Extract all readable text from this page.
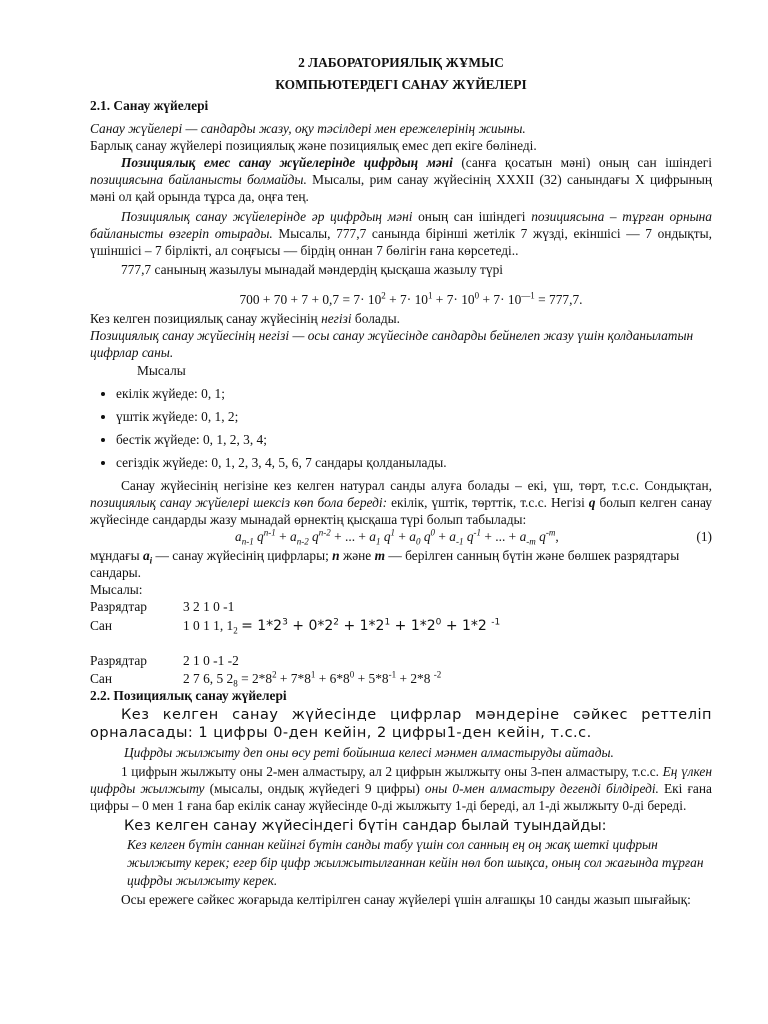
2 ЛАБОРАТОРИЯЛЫҚ ЖҰМЫС

КОМПЬЮТЕРДЕГІ САНАУ ЖҮЙЕЛЕРІ

2.1. Санау жүйелері

Санау жүйелері — сандарды жазу, оқу тәсілдері мен ережелерінің жиыны.

Барлық санау жүйелері позициялық және позициялық емес деп екіге бөлінеді.

Позициялық емес санау жүйелерінде цифрдың мәні (санға қосатын мәні) оның сан ішіндегі позициясына байланысты болмайды. Мысалы, рим санау жүйесінің XXXII (32) санындағы Х цифрының мәні ол қай орында тұрса да, оңға тең.

Позициялық санау жүйелерінде әр цифрдың мәні оның сан ішіндегі позициясына – тұрған орнына байланысты өзгеріп отырады. Мысалы, 777,7 санында бірінші жетілік 7 жүзді, екіншісі — 7 ондықты, үшіншісі – 7 бірлікті, ал соңғысы — бірдің оннан 7 бөлігін ғана көрсетеді..

777,7 санының жазылуы мынадай мәндердің қысқаша жазылу түрі

$700 + 70 + 7 + 0,7 = 7\cdot 10^2 + 7\cdot 10^1 + 7\cdot 10^0 + 7\cdot 10^{—1} = 777,7$.

Кез келген позициялық санау жүйесінің негізі болады.

Позициялық санау жүйесінің негізі — осы санау жүйесінде сандарды бейнелеп жазу үшін қолданылатын цифрлар саны.

Мысалы

• екілік жүйеде: 0, 1;
• үштік жүйеде: 0, 1, 2;
• бестік жүйеде: 0, 1, 2, 3, 4;
• сегіздік жүйеде: 0, 1, 2, 3, 4, 5, 6, 7 сандары қолданылады.

Санау жүйесінің негізіне кез келген натурал санды алуға болады – екі, үш, төрт, т.с.с. Сондықтан, позициялық санау жүйелері шексіз көп бола береді: екілік, үштік, төрттік, т.с.с. Негізі q болып келген санау жүйесінде сандарды жазу мынадай өрнектің қысқаша түрі болып табылады:

$a_{n-1}$ $q^{n-1} + a_{n-2}$ $q^{n-2}$ + ... + $a_1$ $q^1 + a_0$ $q^0 + a_{-1}$ $q^{-1}$ + ... + $a_{-m}$ $q^{-m}$,	(1)

мұндағы $a_i$ — санау жүйесінің цифрлары; n және m — берілген санның бүтін және бөлшек разрядтары сандары.

Мысалы:

Разрядтар	3 2 1 0 -1
Сан	1 0 1 1, $1_2 = 1*2^3 + 0*2^2 + 1*2^1 + 1*2^0 + 1*2$ $^{-1}$
Разрядтар	2 1 0 -1 -2
Сан	2 7 6, 5 $2_8 = 2*8^2 + 7*8^1 + 6*8^0 + 5*8^{-1} + 2*8$ $^{-2}$

2.2. Позициялық санау жүйелері

Кез келген санау жүйесінде цифрлар мәндеріне сәйкес реттеліп орналасады: 1 цифры 0-ден кейін, 2 цифры1-ден кейін, т.с.с.

Цифрды жылжыту деп оны өсу реті бойынша келесі мәнмен алмастыруды айтады.

1 цифрын жылжыту оны 2-мен алмастыру, ал 2 цифрын жылжыту оны 3-пен алмастыру, т.с.с. Ең үлкен цифрды жылжыту (мысалы, ондық жүйедегі 9 цифры) оны 0-мен алмастыру дегенді білдіреді. Екі ғана цифры – 0 мен 1 ғана бар екілік санау жүйесінде 0-ді жылжыту 1-ді береді, ал 1-ді жылжыту 0-ді береді.

Кез келген санау жүйесіндегі бүтін сандар былай туындайды:

Кез келген бүтін саннан кейінгі бүтін санды табу үшін сол санның ең оң жақ шеткі цифрын жылжыту керек; егер бір цифр жылжытылғаннан кейін нөл боп шықса, оның сол жағында тұрған цифрды жылжыту керек.

Осы ережеге сәйкес жоғарыда келтірілген санау жүйелері үшін алғашқы 10 санды жазып шығайық:
